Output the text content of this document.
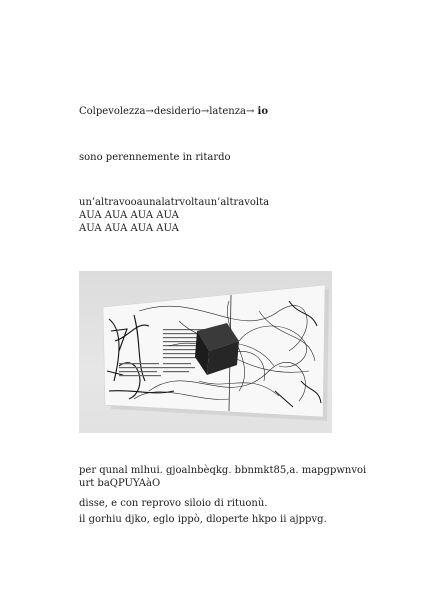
Colpevolezza→desiderio→latenza→ io
sono perennemente in ritardo
un’altravooaunalatrvoltaun’altravolta
AUA AUA AUA AUA
AUA AUA AUA AUA
per qunal mlhui. gjoalnbèqkg. bbnmkt85,a. mapgpwnvoi
urt baQPUYAàO
disse, e con reprovo siloio di rituonù.
il gorhiu djko, eglo ippò, dloperte hkpo ii ajppvg.
